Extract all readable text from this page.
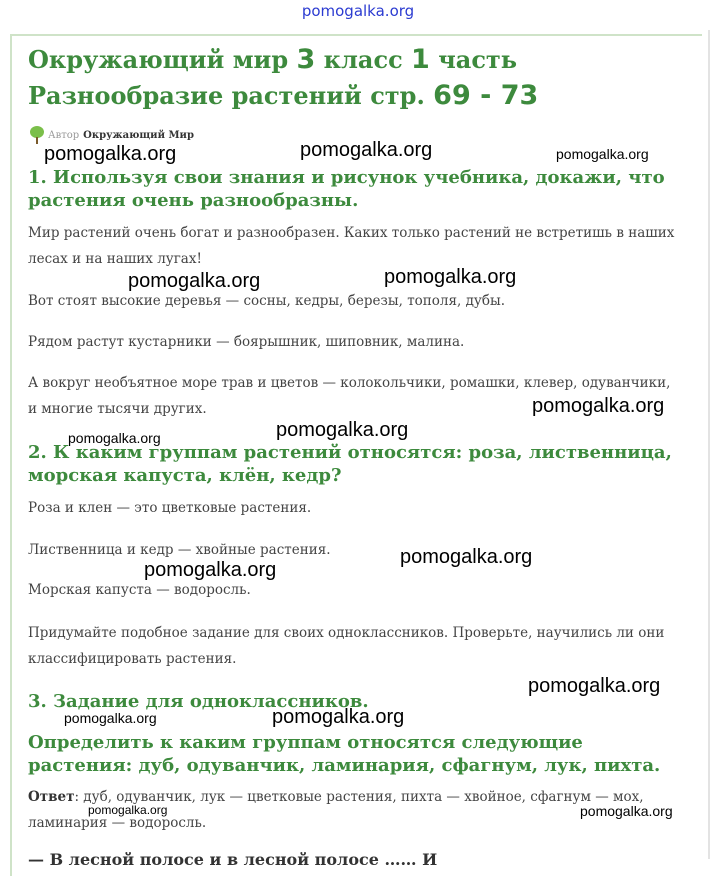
pomogalka.org
Окружающий мир 3 класс 1 часть Разнообразие растений стр. 69 - 73
Автор Окружающий Мир
1. Используя свои знания и рисунок учебника, докажи, что растения очень разнообразны.
Мир растений очень богат и разнообразен. Каких только растений не встретишь в наших лесах и на наших лугах!
Вот стоят высокие деревья — сосны, кедры, березы, тополя, дубы.
Рядом растут кустарники — боярышник, шиповник, малина.
А вокруг необъятное море трав и цветов — колокольчики, ромашки, клевер, одуванчики, и многие тысячи других.
2. К каким группам растений относятся: роза, лиственница, морская капуста, клён, кедр?
Роза и клен — это цветковые растения.
Лиственница и кедр — хвойные растения.
Морская капуста — водоросль.
Придумайте подобное задание для своих одноклассников. Проверьте, научились ли они классифицировать растения.
3. Задание для одноклассников.
Определить к каким группам относятся следующие растения: дуб, одуванчик, ламинария, сфагнум, лук, пихта.
Ответ: дуб, одуванчик, лук — цветковые растения, пихта — хвойное, сфагнум — мох, ламинария — водоросль.
— В лесной полосе и в лесной полосе …… И
pomogalka.org	pomogalka.org	pomogalka.org
pomogalka.org	pomogalka.org
pomogalka.org
pomogalka.org	pomogalka.org
pomogalka.org
pomogalka.org
pomogalka.org
pomogalka.org	pomogalka.org
pomogalka.org	pomogalka.org
